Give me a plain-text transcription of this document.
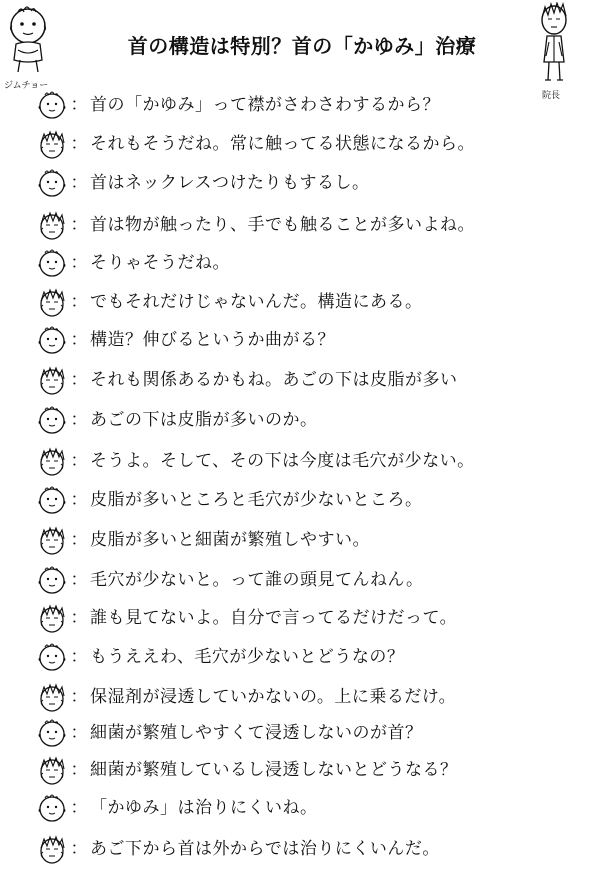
ジムチョー
院長
首の構造は特別？首の「かゆみ」治療
： 首の「かゆみ」って襟がさわさわするから？
： それもそうだね。常に触ってる状態になるから。
： 首はネックレスつけたりもするし。
： 首は物が触ったり、手でも触ることが多いよね。
： そりゃそうだね。
： でもそれだけじゃないんだ。構造にある。
： 構造？伸びるというか曲がる？
： それも関係あるかもね。あごの下は皮脂が多い
： あごの下は皮脂が多いのか。
： そうよ。そして、その下は今度は毛穴が少ない。
： 皮脂が多いところと毛穴が少ないところ。
： 皮脂が多いと細菌が繁殖しやすい。
： 毛穴が少ないと。って誰の頭見てんねん。
： 誰も見てないよ。自分で言ってるだけだって。
： もうええわ、毛穴が少ないとどうなの？
： 保湿剤が浸透していかないの。上に乗るだけ。
： 細菌が繁殖しやすくて浸透しないのが首？
： 細菌が繁殖しているし浸透しないとどうなる？
： 「かゆみ」は治りにくいね。
： あご下から首は外からでは治りにくいんだ。
